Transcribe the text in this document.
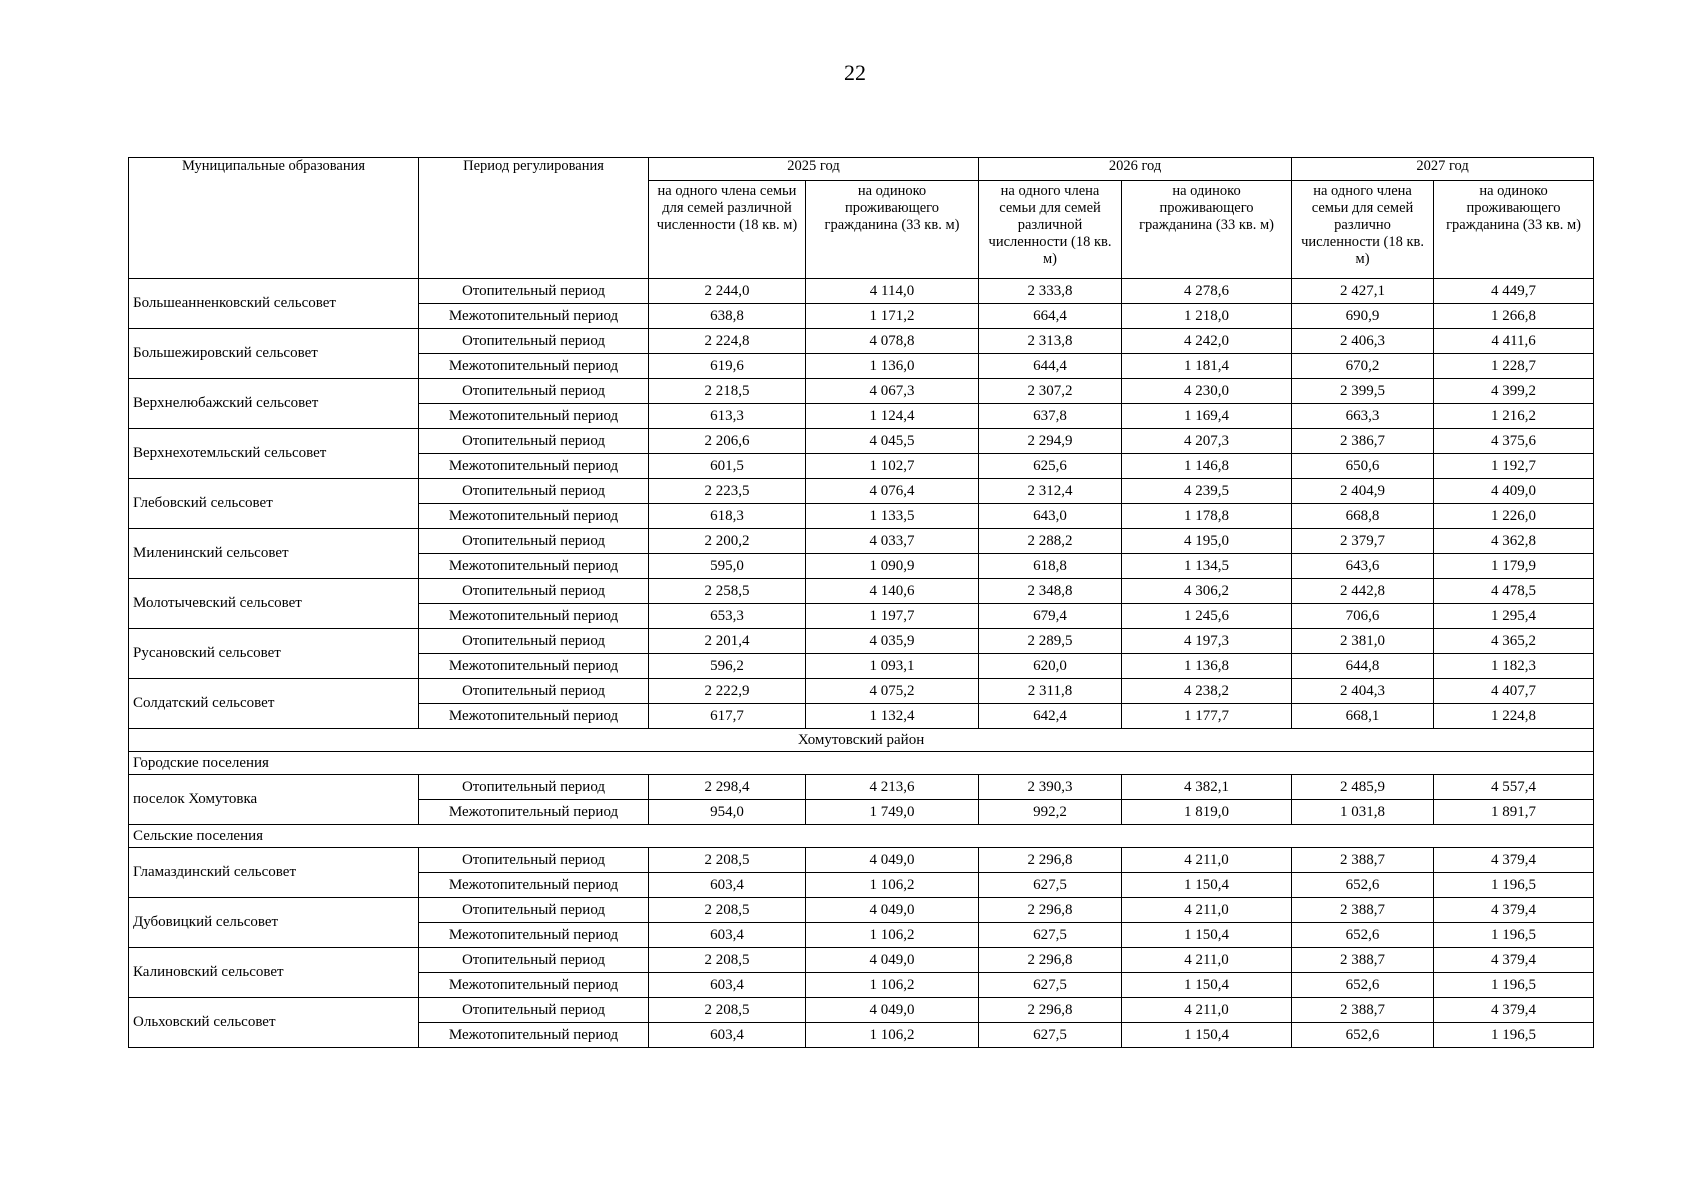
22
Муниципальные образования	Период регулирования	2025 год		2026 год		2027 год	
		на одного члена семьи для семей различной численности (18 кв. м)	на одиноко проживающего гражданина (33 кв. м)	на одного члена семьи для семей различной численности (18 кв. м)	на одиноко проживающего гражданина (33 кв. м)	на одного члена семьи для семей различно численности (18 кв. м)	на одиноко проживающего гражданина (33 кв. м)
Большеанненковский сельсовет	Отопительный период	2 244,0	4 114,0	2 333,8	4 278,6	2 427,1	4 449,7
	Межотопительный период	638,8	1 171,2	664,4	1 218,0	690,9	1 266,8
Большежировский сельсовет	Отопительный период	2 224,8	4 078,8	2 313,8	4 242,0	2 406,3	4 411,6
	Межотопительный период	619,6	1 136,0	644,4	1 181,4	670,2	1 228,7
Верхнелюбажский сельсовет	Отопительный период	2 218,5	4 067,3	2 307,2	4 230,0	2 399,5	4 399,2
	Межотопительный период	613,3	1 124,4	637,8	1 169,4	663,3	1 216,2
Верхнехотемльский сельсовет	Отопительный период	2 206,6	4 045,5	2 294,9	4 207,3	2 386,7	4 375,6
	Межотопительный период	601,5	1 102,7	625,6	1 146,8	650,6	1 192,7
Глебовский сельсовет	Отопительный период	2 223,5	4 076,4	2 312,4	4 239,5	2 404,9	4 409,0
	Межотопительный период	618,3	1 133,5	643,0	1 178,8	668,8	1 226,0
Миленинский сельсовет	Отопительный период	2 200,2	4 033,7	2 288,2	4 195,0	2 379,7	4 362,8
	Межотопительный период	595,0	1 090,9	618,8	1 134,5	643,6	1 179,9
Молотычевский сельсовет	Отопительный период	2 258,5	4 140,6	2 348,8	4 306,2	2 442,8	4 478,5
	Межотопительный период	653,3	1 197,7	679,4	1 245,6	706,6	1 295,4
Русановский сельсовет	Отопительный период	2 201,4	4 035,9	2 289,5	4 197,3	2 381,0	4 365,2
	Межотопительный период	596,2	1 093,1	620,0	1 136,8	644,8	1 182,3
Солдатский сельсовет	Отопительный период	2 222,9	4 075,2	2 311,8	4 238,2	2 404,3	4 407,7
	Межотопительный период	617,7	1 132,4	642,4	1 177,7	668,1	1 224,8
Хомутовский район							
Городские поселения							
поселок Хомутовка	Отопительный период	2 298,4	4 213,6	2 390,3	4 382,1	2 485,9	4 557,4
	Межотопительный период	954,0	1 749,0	992,2	1 819,0	1 031,8	1 891,7
Сельские поселения							
Гламаздинский сельсовет	Отопительный период	2 208,5	4 049,0	2 296,8	4 211,0	2 388,7	4 379,4
	Межотопительный период	603,4	1 106,2	627,5	1 150,4	652,6	1 196,5
Дубовицкий сельсовет	Отопительный период	2 208,5	4 049,0	2 296,8	4 211,0	2 388,7	4 379,4
	Межотопительный период	603,4	1 106,2	627,5	1 150,4	652,6	1 196,5
Калиновский сельсовет	Отопительный период	2 208,5	4 049,0	2 296,8	4 211,0	2 388,7	4 379,4
	Межотопительный период	603,4	1 106,2	627,5	1 150,4	652,6	1 196,5
Ольховский сельсовет	Отопительный период	2 208,5	4 049,0	2 296,8	4 211,0	2 388,7	4 379,4
	Межотопительный период	603,4	1 106,2	627,5	1 150,4	652,6	1 196,5
